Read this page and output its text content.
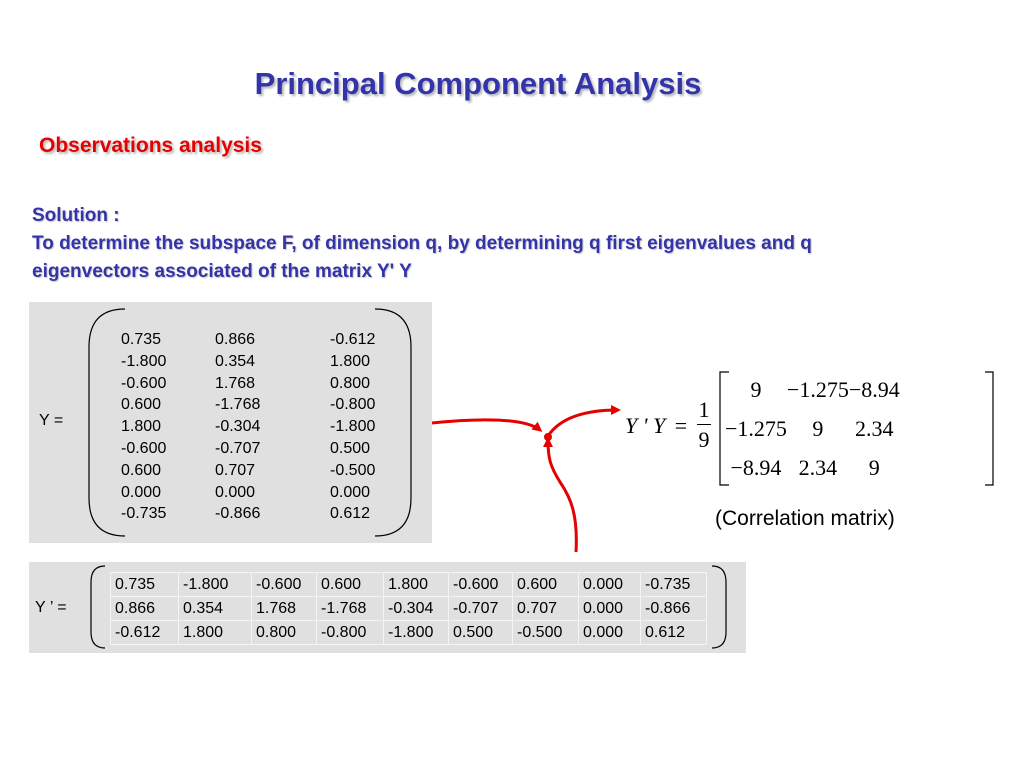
Principal Component Analysis
Observations analysis
Solution :
To determine the subspace F, of dimension q, by determining q first eigenvalues and q
eigenvectors associated of the matrix Y' Y
Y =
0.735	0.866	-0.612
-1.800	0.354	1.800
-0.600	1.768	0.800
0.600	-1.768	-0.800
1.800	-0.304	-1.800
-0.600	-0.707	0.500
0.600	0.707	-0.500
0.000	0.000	0.000
-0.735	-0.866	0.612
Y ’ =
0.735	-1.800	-0.600	0.600	1.800	-0.600	0.600	0.000	-0.735
0.866	0.354	1.768	-1.768	-0.304	-0.707	0.707	0.000	-0.866
-0.612	1.800	0.800	-0.800	-1.800	0.500	-0.500	0.000	0.612
Y ' Y =
1
9
9	−1.275	−8.94
−1.275	9	2.34
−8.94	2.34	9
(Correlation matrix)
